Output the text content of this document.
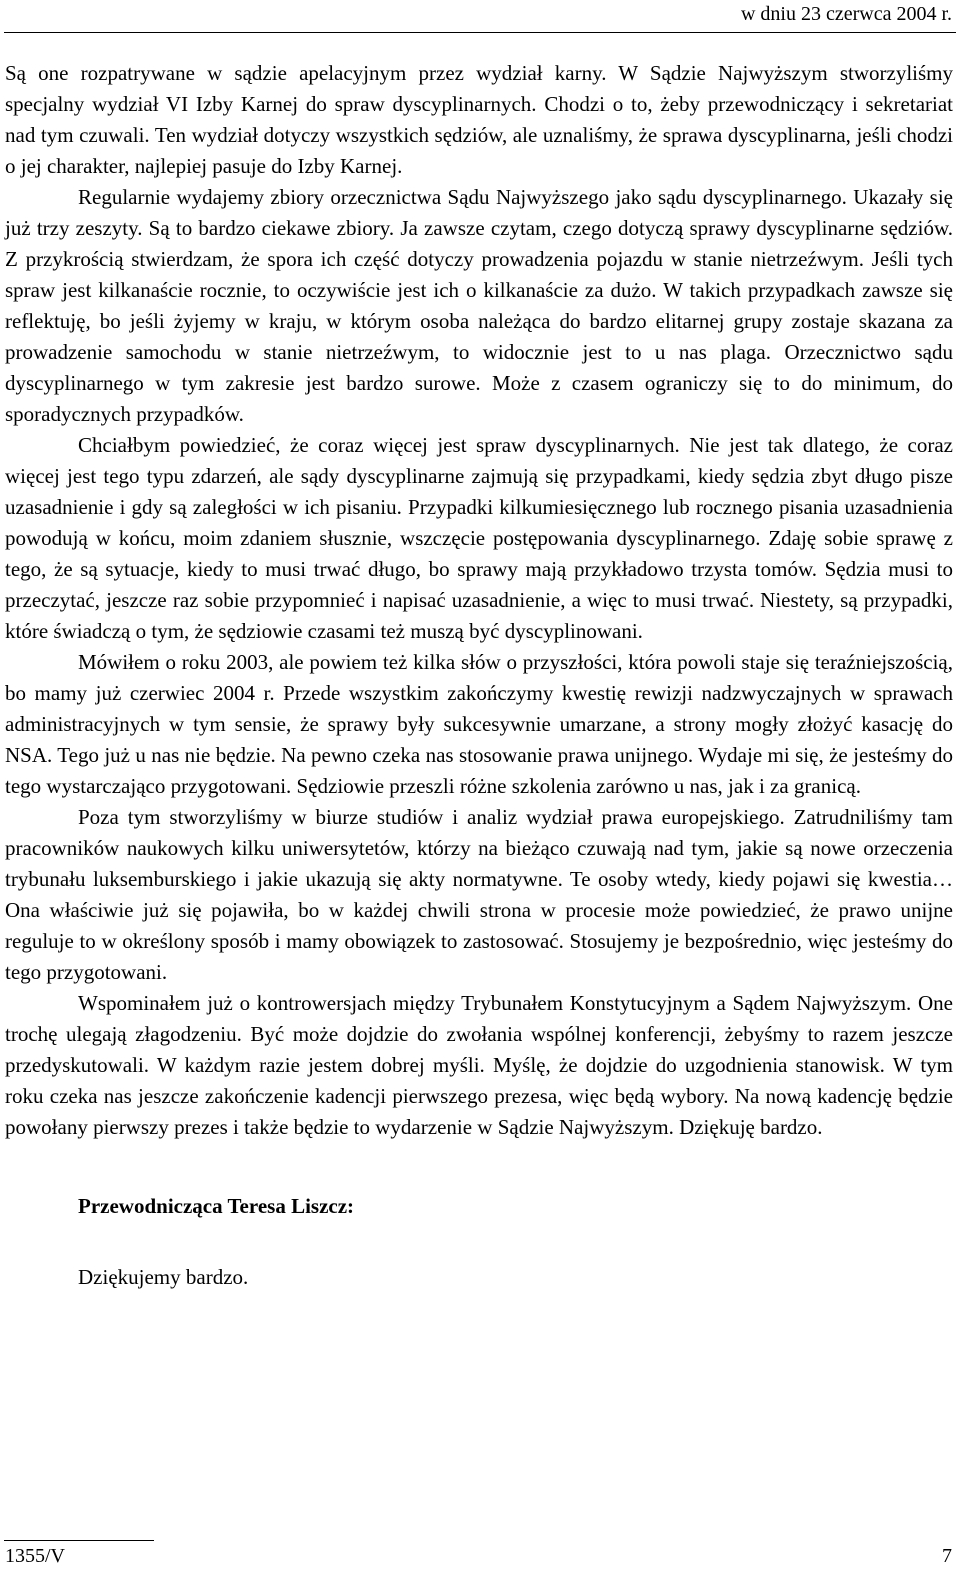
w dniu 23 czerwca 2004 r.

Są one rozpatrywane w sądzie apelacyjnym przez wydział karny. W Sądzie Najwyższym stworzyliśmy specjalny wydział VI Izby Karnej do spraw dyscyplinarnych. Chodzi o to, żeby przewodniczący i sekretariat nad tym czuwali. Ten wydział dotyczy wszystkich sędziów, ale uznaliśmy, że sprawa dyscyplinarna, jeśli chodzi o jej charakter, najlepiej pasuje do Izby Karnej.

Regularnie wydajemy zbiory orzecznictwa Sądu Najwyższego jako sądu dyscyplinarnego. Ukazały się już trzy zeszyty. Są to bardzo ciekawe zbiory. Ja zawsze czytam, czego dotyczą sprawy dyscyplinarne sędziów. Z przykrością stwierdzam, że spora ich część dotyczy prowadzenia pojazdu w stanie nietrzeźwym. Jeśli tych spraw jest kilkanaście rocznie, to oczywiście jest ich o kilkanaście za dużo. W takich przypadkach zawsze się reflektuję, bo jeśli żyjemy w kraju, w którym osoba należąca do bardzo elitarnej grupy zostaje skazana za prowadzenie samochodu w stanie nietrzeźwym, to widocznie jest to u nas plaga. Orzecznictwo sądu dyscyplinarnego w tym zakresie jest bardzo surowe. Może z czasem ograniczy się to do minimum, do sporadycznych przypadków.

Chciałbym powiedzieć, że coraz więcej jest spraw dyscyplinarnych. Nie jest tak dlatego, że coraz więcej jest tego typu zdarzeń, ale sądy dyscyplinarne zajmują się przypadkami, kiedy sędzia zbyt długo pisze uzasadnienie i gdy są zaległości w ich pisaniu. Przypadki kilkumiesięcznego lub rocznego pisania uzasadnienia powodują w końcu, moim zdaniem słusznie, wszczęcie postępowania dyscyplinarnego. Zdaję sobie sprawę z tego, że są sytuacje, kiedy to musi trwać długo, bo sprawy mają przykładowo trzysta tomów. Sędzia musi to przeczytać, jeszcze raz sobie przypomnieć i napisać uzasadnienie, a więc to musi trwać. Niestety, są przypadki, które świadczą o tym, że sędziowie czasami też muszą być dyscyplinowani.

Mówiłem o roku 2003, ale powiem też kilka słów o przyszłości, która powoli staje się teraźniejszością, bo mamy już czerwiec 2004 r. Przede wszystkim zakończymy kwestię rewizji nadzwyczajnych w sprawach administracyjnych w tym sensie, że sprawy były sukcesywnie umarzane, a strony mogły złożyć kasację do NSA. Tego już u nas nie będzie. Na pewno czeka nas stosowanie prawa unijnego. Wydaje mi się, że jesteśmy do tego wystarczająco przygotowani. Sędziowie przeszli różne szkolenia zarówno u nas, jak i za granicą.

Poza tym stworzyliśmy w biurze studiów i analiz wydział prawa europejskiego. Zatrudniliśmy tam pracowników naukowych kilku uniwersytetów, którzy na bieżąco czuwają nad tym, jakie są nowe orzeczenia trybunału luksemburskiego i jakie ukazują się akty normatywne. Te osoby wtedy, kiedy pojawi się kwestia… Ona właściwie już się pojawiła, bo w każdej chwili strona w procesie może powiedzieć, że prawo unijne reguluje to w określony sposób i mamy obowiązek to zastosować. Stosujemy je bezpośrednio, więc jesteśmy do tego przygotowani.

Wspominałem już o kontrowersjach między Trybunałem Konstytucyjnym a Sądem Najwyższym. One trochę ulegają złagodzeniu. Być może dojdzie do zwołania wspólnej konferencji, żebyśmy to razem jeszcze przedyskutowali. W każdym razie jestem dobrej myśli. Myślę, że dojdzie do uzgodnienia stanowisk. W tym roku czeka nas jeszcze zakończenie kadencji pierwszego prezesa, więc będą wybory. Na nową kadencję będzie powołany pierwszy prezes i także będzie to wydarzenie w Sądzie Najwyższym. Dziękuję bardzo.

Przewodnicząca Teresa Liszcz:

Dziękujemy bardzo.

1355/V	7
